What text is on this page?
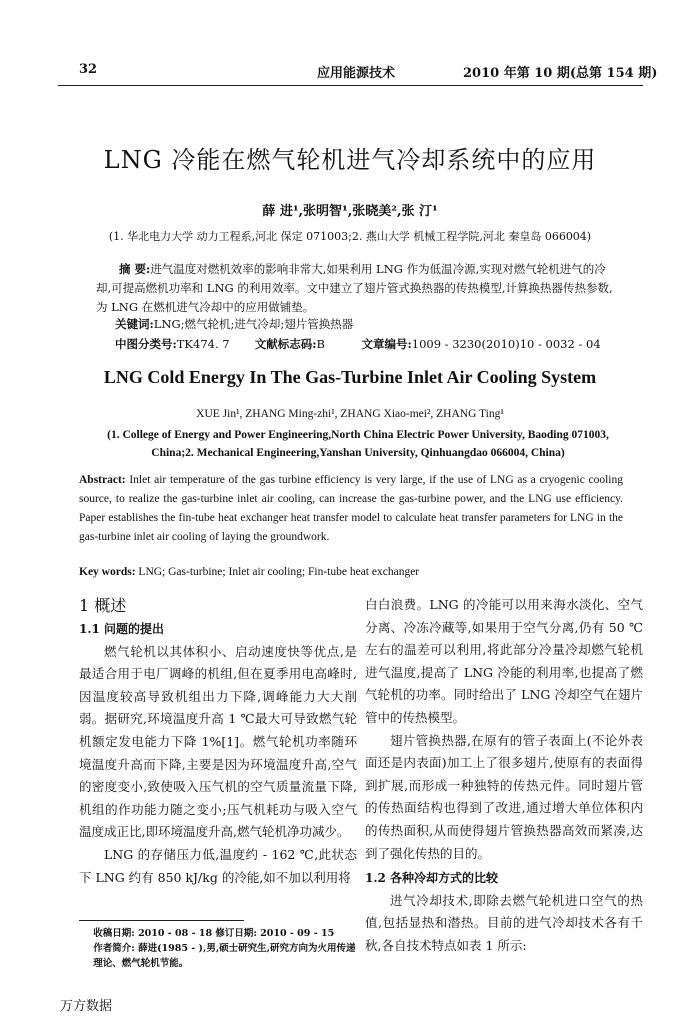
32	应用能源技术	2010 年第 10 期(总第 154 期)
LNG 冷能在燃气轮机进气冷却系统中的应用
薛 进¹,张明智¹,张晓美²,张 汀¹
(1. 华北电力大学 动力工程系,河北 保定 071003;2. 燕山大学 机械工程学院,河北 秦皇岛 066004)
摘 要:进气温度对燃机效率的影响非常大,如果利用 LNG 作为低温冷源,实现对燃气轮机进气的冷却,可提高燃机功率和 LNG 的利用效率。文中建立了翅片管式换热器的传热模型,计算换热器传热参数,为 LNG 在燃机进气冷却中的应用做铺垫。
关键词:LNG;燃气轮机;进气冷却;翅片管换热器
中图分类号:TK474. 7 文献标志码:B	文章编号:1009 - 3230(2010)10 - 0032 - 04
LNG Cold Energy In The Gas-Turbine Inlet Air Cooling System
XUE Jin¹, ZHANG Ming-zhi¹, ZHANG Xiao-mei², ZHANG Ting¹
(1. College of Energy and Power Engineering,North China Electric Power University, Baoding 071003, China;2. Mechanical Engineering,Yanshan University, Qinhuangdao 066004, China)
Abstract: Inlet air temperature of the gas turbine efficiency is very large, if the use of LNG as a cryogenic cooling source, to realize the gas-turbine inlet air cooling, can increase the gas-turbine power, and the LNG use efficiency. Paper establishes the fin-tube heat exchanger heat transfer model to calculate heat transfer parameters for LNG in the gas-turbine inlet air cooling of laying the groundwork.
Key words: LNG; Gas-turbine; Inlet air cooling; Fin-tube heat exchanger
1 概述
1.1 问题的提出

燃气轮机以其体积小、启动速度快等优点,是最适合用于电厂调峰的机组,但在夏季用电高峰时,因温度较高导致机组出力下降,调峰能力大大削弱。据研究,环境温度升高 1 ℃最大可导致燃气轮机额定发电能力下降 1%[1]。燃气轮机功率随环境温度升高而下降,主要是因为环境温度升高,空气的密度变小,致使吸入压气机的空气质量流量下降,机组的作功能力随之变小;压气机耗功与吸入空气温度成正比,即环境温度升高,燃气轮机净功减少。

LNG 的存储压力低,温度约 - 162 ℃,此状态下 LNG 约有 850 kJ/kg 的冷能,如不加以利用将

白白浪费。LNG 的冷能可以用来海水淡化、空气分离、冷冻冷藏等,如果用于空气分离,仍有 50 ℃左右的温差可以利用,将此部分冷量冷却燃气轮机进气温度,提高了 LNG 冷能的利用率,也提高了燃气轮机的功率。同时给出了 LNG 冷却空气在翅片管中的传热模型。

翅片管换热器,在原有的管子表面上(不论外表面还是内表面)加工上了很多翅片,使原有的表面得到扩展,而形成一种独特的传热元件。同时翅片管的传热面结构也得到了改进,通过增大单位体积内的传热面积,从而使得翅片管换热器高效而紧凑,达到了强化传热的目的。

1.2 各种冷却方式的比较

进气冷却技术,即除去燃气轮机进口空气的热值,包括显热和潜热。目前的进气冷却技术各有千秋,各自技术特点如表 1 所示:

收稿日期: 2010 - 08 - 18 修订日期: 2010 - 09 - 15
作者简介: 薛进(1985 - ),男,硕士研究生,研究方向为火用传递理论、燃气轮机节能。
万方数据
